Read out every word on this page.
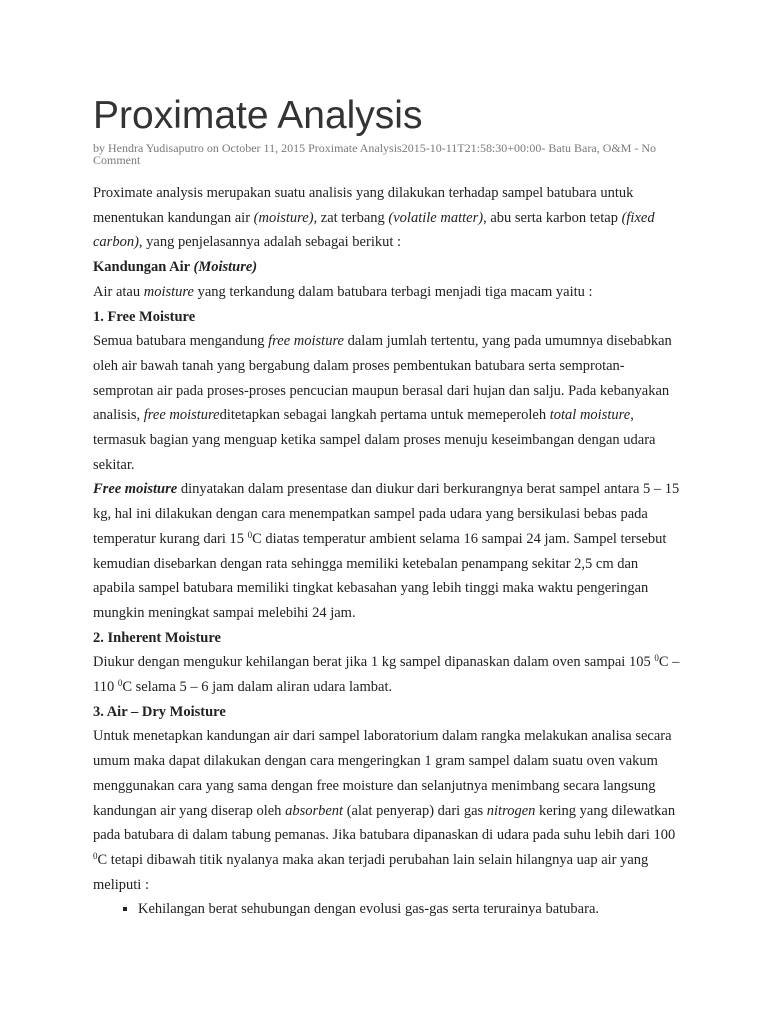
Proximate Analysis

by Hendra Yudisaputro on October 11, 2015 Proximate Analysis2015-10-11T21:58:30+00:00- Batu Bara, O&M - No Comment

Proximate analysis merupakan suatu analisis yang dilakukan terhadap sampel batubara untuk menentukan kandungan air (moisture), zat terbang (volatile matter), abu serta karbon tetap (fixed carbon), yang penjelasannya adalah sebagai berikut :

Kandungan Air (Moisture)

Air atau moisture yang terkandung dalam batubara terbagi menjadi tiga macam yaitu :

1. Free Moisture

Semua batubara mengandung free moisture dalam jumlah tertentu, yang pada umumnya disebabkan oleh air bawah tanah yang bergabung dalam proses pembentukan batubara serta semprotan-semprotan air pada proses-proses pencucian maupun berasal dari hujan dan salju. Pada kebanyakan analisis, free moistureditetapkan sebagai langkah pertama untuk memeperoleh total moisture, termasuk bagian yang menguap ketika sampel dalam proses menuju keseimbangan dengan udara sekitar.

Free moisture dinyatakan dalam presentase dan diukur dari berkurangnya berat sampel antara 5 – 15 kg, hal ini dilakukan dengan cara menempatkan sampel pada udara yang bersikulasi bebas pada temperatur kurang dari 15 $^0$C diatas temperatur ambient selama 16 sampai 24 jam. Sampel tersebut kemudian disebarkan dengan rata sehingga memiliki ketebalan penampang sekitar 2,5 cm dan apabila sampel batubara memiliki tingkat kebasahan yang lebih tinggi maka waktu pengeringan mungkin meningkat sampai melebihi 24 jam.

2. Inherent Moisture

Diukur dengan mengukur kehilangan berat jika 1 kg sampel dipanaskan dalam oven sampai 105 $^0$C – 110 $^0$C selama 5 – 6 jam dalam aliran udara lambat.

3. Air – Dry Moisture

Untuk menetapkan kandungan air dari sampel laboratorium dalam rangka melakukan analisa secara umum maka dapat dilakukan dengan cara mengeringkan 1 gram sampel dalam suatu oven vakum menggunakan cara yang sama dengan free moisture dan selanjutnya menimbang secara langsung kandungan air yang diserap oleh absorbent (alat penyerap) dari gas nitrogen kering yang dilewatkan pada batubara di dalam tabung pemanas. Jika batubara dipanaskan di udara pada suhu lebih dari 100 $^0$C tetapi dibawah titik nyalanya maka akan terjadi perubahan lain selain hilangnya uap air yang meliputi :

▪ Kehilangan berat sehubungan dengan evolusi gas-gas serta terurainya batubara.
